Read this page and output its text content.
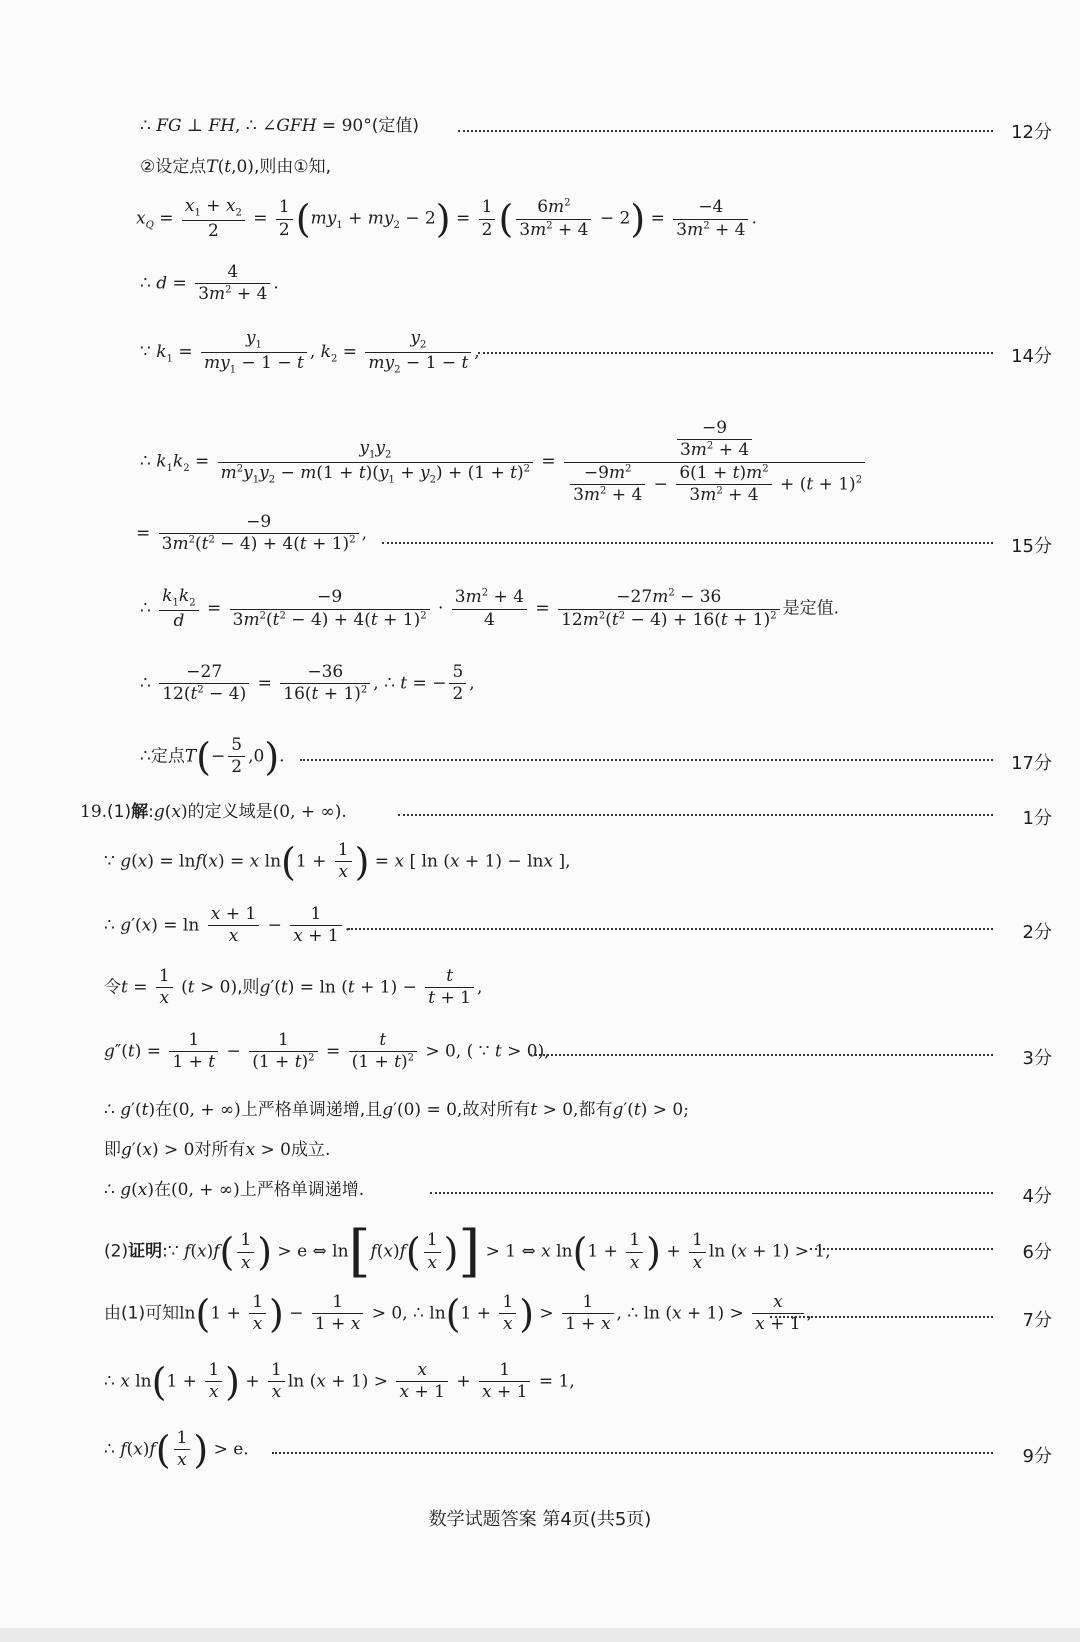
∴ FG ⊥ FH, ∴ ∠GFH = 90°(定值)	12分
②设定点T(t,0),则由①知,
$x_Q = \frac{x_1 + x_2}{2} = \frac{1}{2} (my_1 + my_2 - 2) = \frac{1}{2}$ ( $\frac{6m^2}{3m^2 + 4} - 2) = \frac{-4}{3m^2 + 4}$ .
∴ $d = \frac{4}{3m^2 + 4}$ .
∵ $k_1 = \frac{y_1}{my_1 - 1 - t}$ , $k_2 = \frac{y_2}{my_2 - 1 - t}$ ,	14分
∴ $k_1k_2 = \frac{y_1y_2}{m^2y_1y_2 - m(1 + t)(y_1 + y_2) + (1 + t)^2} = \frac{\frac{-9}{3m^2 + 4}}{\frac{-9m^2}{3m^2 + 4} - \frac{6(1 + t)m^2}{3m^2 + 4} + (t + 1)^2}$
= $\frac{-9}{3m^2(t^2 - 4) + 4(t + 1)^2}$ ,
15分
∴ $\frac{k_1k_2}{d} = \frac{-9}{3m^2(t^2 - 4) + 4(t + 1)^2} \cdot \frac{3m^2 + 4}{4} = \frac{-27m^2 - 36}{12m^2(t^2 - 4) + 16(t + 1)^2}$ 是定值.
∴ $\frac{-27}{12(t^2 - 4)} = \frac{-36}{16(t + 1)^2}$ , ∴ t = − $\frac{5}{2}$ ,
∴定点$T(- \frac{5}{2} ,0)$.	17分
19.(1)解:g(x)的定义域是(0, + ∞).	1分
∵ g(x) = lnf(x) = x $\ln(1 + \frac{1}{x}$ ) = x [ ln (x + 1) − lnx ],
∴ $g'(x) = \ln \frac{x + 1}{x} - \frac{1}{x + 1}$ .	2分
令$t = \frac{1}{x} (t > 0)$,则$g'(t) = \ln (t + 1) - \frac{t}{t + 1}$ ,
$g''(t) = \frac{1}{1 + t} - \frac{1}{(1 + t)^2} = \frac{t}{(1 + t)^2} > 0$, ( ∵ t > 0),	3分
∴ g′(t)在(0, + ∞)上严格单调递增,且g′(0) = 0,故对所有t > 0,都有g′(t) > 0;
即g′(x) > 0对所有x > 0成立.
∴ g(x)在(0, + ∞)上严格单调递增.	4分
(2)证明:∵ $f(x)f( \frac{1}{x}$ ) > e ⇔ $\ln[f(x)f( \frac{1}{x}$ )] > 1 ⇔ x $\ln(1 + \frac{1}{x}$ ) + $\frac{1}{x}$ ln (x + 1) > 1,	6分
由(1)可知$\ln(1 + \frac{1}{x}$ ) − $\frac{1}{1 + x} > 0$, ∴ $\ln(1 + \frac{1}{x}$ ) > $\frac{1}{1 + x}$ , ∴ $\ln (x + 1) > \frac{x}{x + 1}$ ,	7分
∴ x $\ln(1 + \frac{1}{x}$ ) + $\frac{1}{x}$ $\ln (x + 1) > \frac{x}{x + 1} + \frac{1}{x + 1} = 1$,
∴ $f(x)f( \frac{1}{x}$ ) > e.	9分
数学试题答案 第4页(共5页)
